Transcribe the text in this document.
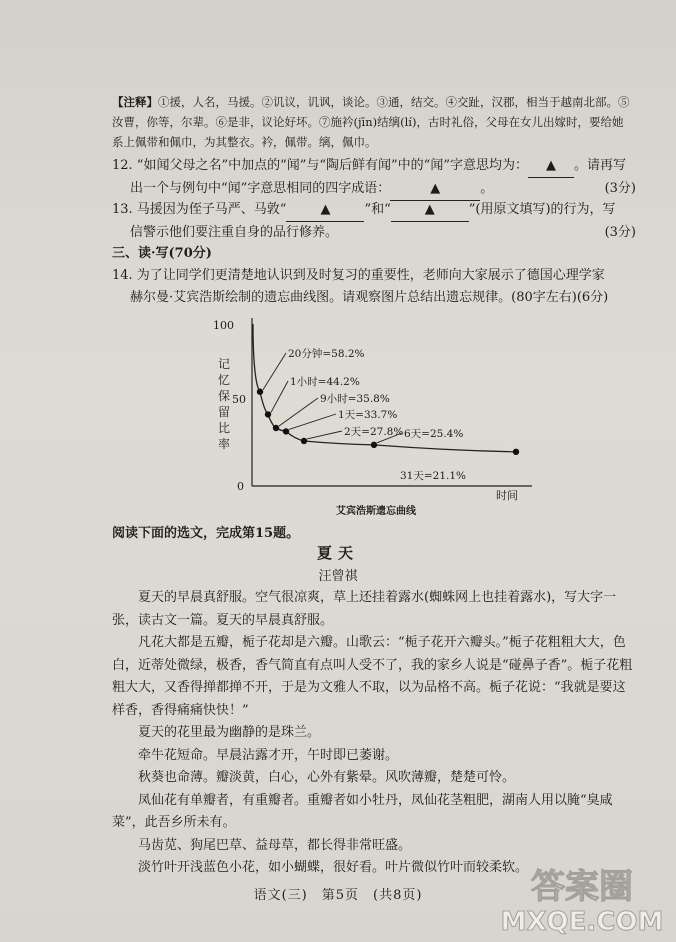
【注释】①援，人名，马援。②讥议，讥讽，谈论。③通，结交。④交趾，汉郡，相当于越南北部。⑤汝曹，你等，尔辈。⑥是非，议论好坏。⑦施衿(jīn)结缡(lí)，古时礼俗，父母在女儿出嫁时，要给她系上佩带和佩巾，为其整衣。衿，佩带。缡，佩巾。
12. “如闻父母之名”中加点的“闻”与“陶后鲜有闻”中的“闻”字意思均为： ▲ 。请再写
出一个与例句中“闻”字意思相同的四字成语：	▲	。	(3分)
13. 马援因为侄子马严、马敦“	▲	”和“	▲	”(用原文填写)的行为，写
信警示他们要注重自身的品行修养。	(3分)
三、读·写(70分)
14. 为了让同学们更清楚地认识到及时复习的重要性，老师向大家展示了德国心理学家
赫尔曼·艾宾浩斯绘制的遗忘曲线图。请观察图片总结出遗忘规律。(80字左右)(6分)
100
50
0
时间
艾宾浩斯遗忘曲线
记
忆
保
留
比
率
20分钟=58.2%
1小时=44.2%
9小时=35.8%
1天=33.7%
2天=27.8% 6天=25.4%
31天=21.1%
阅读下面的选文，完成第15题。
夏天
汪曾祺

夏天的早晨真舒服。空气很凉爽，草上还挂着露水(蜘蛛网上也挂着露水)，写大字一张，读古文一篇。夏天的早晨真舒服。

凡花大都是五瓣，栀子花却是六瓣。山歌云：“栀子花开六瓣头。”栀子花粗粗大大，色白，近蒂处微绿，极香，香气简直有点叫人受不了，我的家乡人说是“碰鼻子香”。栀子花粗粗大大，又香得掸都掸不开，于是为文雅人不取，以为品格不高。栀子花说：“我就是要这样香，香得痛痛快快！”

夏天的花里最为幽静的是珠兰。

牵牛花短命。早晨沾露才开，午时即已萎谢。

秋葵也命薄。瓣淡黄，白心，心外有紫晕。风吹薄瓣，楚楚可怜。

凤仙花有单瓣者，有重瓣者。重瓣者如小牡丹，凤仙花茎粗肥，湖南人用以腌“臭咸菜”，此吾乡所未有。

马齿苋、狗尾巴草、益母草，都长得非常旺盛。

淡竹叶开浅蓝色小花，如小蝴蝶，很好看。叶片微似竹叶而较柔软。

语文(三)　第5页　(共8页)	答案圈
MXQE.COM
